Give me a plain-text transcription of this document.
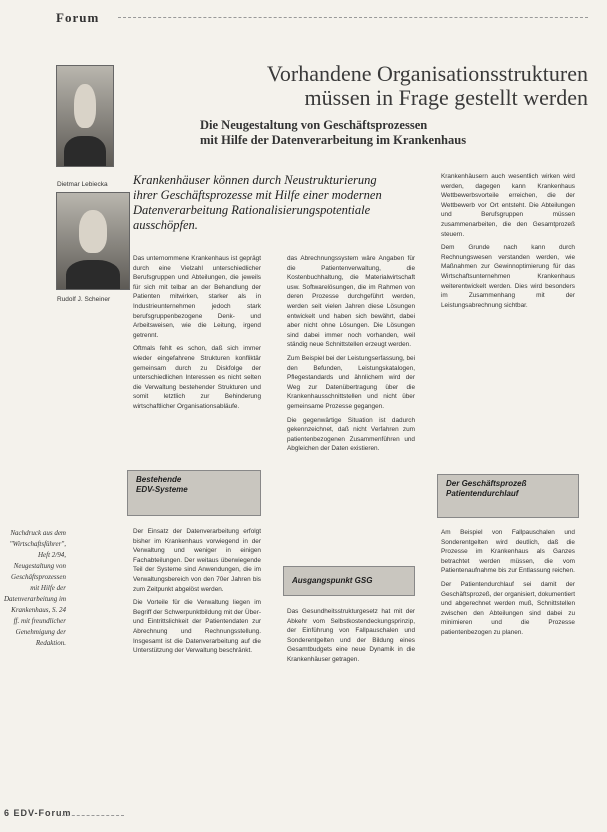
Forum
Dietmar Lebiecka
Rudolf J. Scheiner
Vorhandene Organisationsstrukturen
müssen in Frage gestellt werden
Die Neugestaltung von Geschäftsprozessen
mit Hilfe der Datenverarbeitung im Krankenhaus
Krankenhäuser können durch Neustrukturierung ihrer Geschäftsprozesse mit Hilfe einer modernen Datenverarbeitung Rationalisierungspotentiale ausschöpfen.

Das unternommene Krankenhaus ist geprägt durch eine Vielzahl unterschiedlicher Berufsgruppen und Abteilungen, die jeweils für sich mit telbar an der Behandlung der Patienten mitwirken, starker als in Industrieunternehmen jedoch stark berufsgruppenbezogene Denk- und Arbeitsweisen, wie die Leitung, irgend getrennt.

Oftmals fehlt es schon, daß sich immer wieder eingefahrene Strukturen konfliktär gemeinsam durch zu Diskfolge der unterschiedlichen Interessen es nicht selten die Verwaltung bestehender Strukturen und somit letztlich zur Behinderung wirtschaftlicher Organisationsabläufe.

Bestehende
EDV-Systeme

Der Einsatz der Datenverarbeitung erfolgt bisher im Krankenhaus vorwiegend in der Verwaltung und weniger in einigen Fachabteilungen. Der weitaus überwiegende Teil der Systeme sind Anwendungen, die im Verwaltungsbereich von den 70er Jahren bis zum Zeitpunkt abgelöst werden.

Die Vorteile für die Verwaltung liegen im Begriff der Schwerpunktbildung mit der Über- und Eintrittslichkeit der Patientendaten zur Abrechnung und Rechnungsstellung. Insgesamt ist die Datenverarbeitung auf die Unterstützung der Verwaltung beschränkt.

das Abrechnungssystem wäre Angaben für die Patientenverwaltung, die Kostenbuchhaltung, die Materialwirtschaft usw. Softwarelösungen, die im Rahmen von deren Prozesse durchgeführt werden, werden seit vielen Jahren diese Lösungen entwickelt und haben sich bewährt, dabei aber nicht ohne Lösungen. Die Lösungen sind dabei immer noch vorhanden, weil ständig neue Schnittstellen erzeugt werden.

Zum Beispiel bei der Leistungserfassung, bei den Befunden, Leistungskatalogen, Pflegestandards und ähnlichem wird der Weg zur Datenübertragung über die Krankenhausschnittstellen und nicht über gemeinsame Prozesse gegangen.

Die gegenwärtige Situation ist dadurch gekennzeichnet, daß nicht Verfahren zum patientenbezogenen Zusammenführen und Abgleichen der Daten existieren.

Ausgangspunkt GSG

Das Gesundheitsstrukturgesetz hat mit der Abkehr vom Selbstkostendeckungsprinzip, der Einführung von Fallpauschalen und Sonderentgelten und der Bildung eines Gesamtbudgets eine neue Dynamik in die Krankenhäuser getragen.

Krankenhäusern auch wesentlich wirken wird werden, dagegen kann Krankenhaus Wettbewerbsvorteile erreichen, die der Wettbewerb vor Ort entsteht. Die Abteilungen und Berufsgruppen müssen zusammenarbeiten, die den Gesamtprozeß steuern.

Dem Grunde nach kann durch Rechnungswesen verstanden werden, wie Maßnahmen zur Gewinnoptimierung für das Wirtschaftsunternehmen Krankenhaus weiterentwickelt werden. Dies wird besonders im Zusammenhang mit der Leistungsabrechnung sichtbar.

Der Geschäftsprozeß
Patientendurchlauf

Am Beispiel von Fallpauschalen und Sonderentgelten wird deutlich, daß die Prozesse im Krankenhaus als Ganzes betrachtet werden müssen, die vom Patientenaufnahme bis zur Entlassung reichen.

Der Patientendurchlauf sei damit der Geschäftsprozeß, der organisiert, dokumentiert und abgerechnet werden muß, Schnittstellen zwischen den Abteilungen sind dabei zu minimieren und die Prozesse patientenbezogen zu planen.

Nachdruck aus dem "Wirtschaftsführer", Heft 2/94, Neugestaltung von Geschäftsprozessen mit Hilfe der Datenverarbeitung im Krankenhaus, S. 24 ff. mit freundlicher Genehmigung der Redaktion.
6 EDV-Forum
